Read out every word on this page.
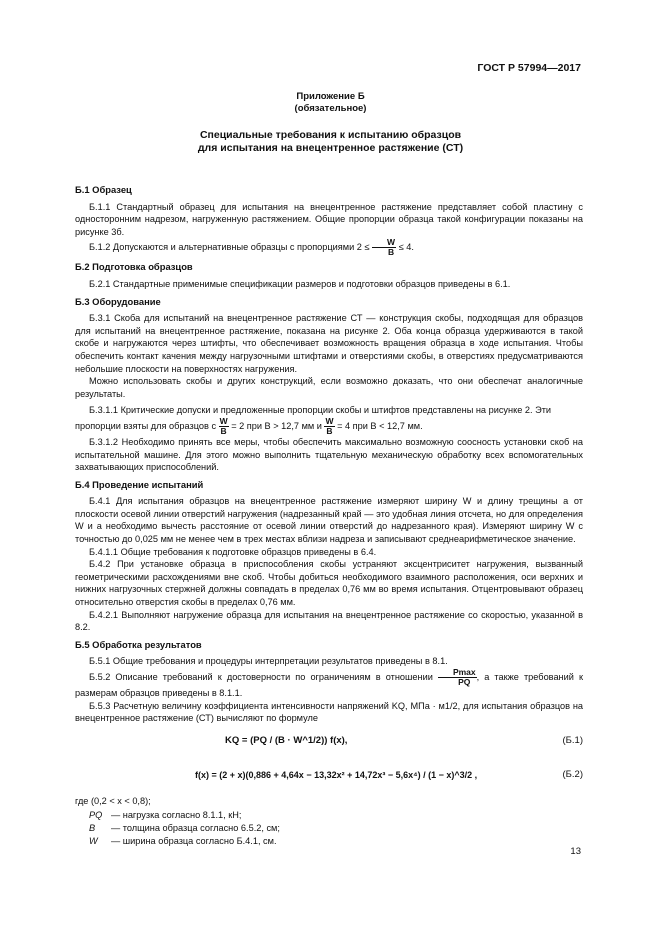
ГОСТ Р 57994—2017
Приложение Б
(обязательное)
Специальные требования к испытанию образцов
для испытания на внецентренное растяжение (СТ)
Б.1 Образец

Б.1.1 Стандартный образец для испытания на внецентренное растяжение представляет собой пластину с односторонним надрезом, нагруженную растяжением. Общие пропорции образца такой конфигурации показаны на рисунке 3б.

Б.1.2 Допускаются и альтернативные образцы с пропорциями $2 \le \frac{W}{B} \le 4$.

Б.2 Подготовка образцов

Б.2.1 Стандартные применимые спецификации размеров и подготовки образцов приведены в 6.1.

Б.3 Оборудование

Б.3.1 Скоба для испытаний на внецентренное растяжение СТ — конструкция скобы, подходящая для образцов для испытаний на внецентренное растяжение, показана на рисунке 2. Оба конца образца удерживаются в такой скобе и нагружаются через штифты, что обеспечивает возможность вращения образца в ходе испытания. Чтобы обеспечить контакт качения между нагрузочными штифтами и отверстиями скобы, в отверстиях предусматриваются небольшие плоскости на поверхностях нагружения.

Можно использовать скобы и других конструкций, если возможно доказать, что они обеспечат аналогичные результаты.

Б.3.1.1 Критические допуски и предложенные пропорции скобы и штифтов представлены на рисунке 2. Эти

пропорции взяты для образцов с $\frac{W}{B} = 2$ при B > 12,7 мм и $\frac{W}{B} = 4$ при B < 12,7 мм.

Б.3.1.2 Необходимо принять все меры, чтобы обеспечить максимально возможную соосность установки скоб на испытательной машине. Для этого можно выполнить тщательную механическую обработку всех вспомогательных захватывающих приспособлений.

Б.4 Проведение испытаний

Б.4.1 Для испытания образцов на внецентренное растяжение измеряют ширину W и длину трещины a от плоскости осевой линии отверстий нагружения (надрезанный край — это удобная линия отсчета, но для определения W и a необходимо вычесть расстояние от осевой линии отверстий до надрезанного края). Измеряют ширину W с точностью до 0,025 мм не менее чем в трех местах вблизи надреза и записывают среднеарифметическое значение.

Б.4.1.1 Общие требования к подготовке образцов приведены в 6.4.

Б.4.2 При установке образца в приспособления скобы устраняют эксцентриситет нагружения, вызванный геометрическими расхождениями вне скоб. Чтобы добиться необходимого взаимного расположения, оси верхних и нижних нагрузочных стержней должны совпадать в пределах 0,76 мм во время испытания. Отцентровывают образец относительно отверстия скобы в пределах 0,76 мм.

Б.4.2.1 Выполняют нагружение образца для испытания на внецентренное растяжение со скоростью, указанной в 8.2.

Б.5 Обработка результатов

Б.5.1 Общие требования и процедуры интерпретации результатов приведены в 8.1.

Б.5.2 Описание требований к достоверности по ограничениям в отношении $\frac{Pmax}{PQ}$ , а также требований к размерам образцов приведены в 8.1.1.

Б.5.3 Расчетную величину коэффициента интенсивности напряжений KQ, МПа · м1/2, для испытания образцов на внецентренное растяжение (СТ) вычисляют по формуле

KQ = (PQ / (B · W^1/2)) f(x),	(Б.1)
f(x) = (2 + x)(0,886 + 4,64x − 13,32x² + 14,72x³ − 5,6x⁴) / (1 − x)^3/2 ,	(Б.2)

где (0,2 < x < 0,8);

PQ — нагрузка согласно 8.1.1, кН;
B	— толщина образца согласно 6.5.2, см;
W	— ширина образца согласно Б.4.1, см.
13
